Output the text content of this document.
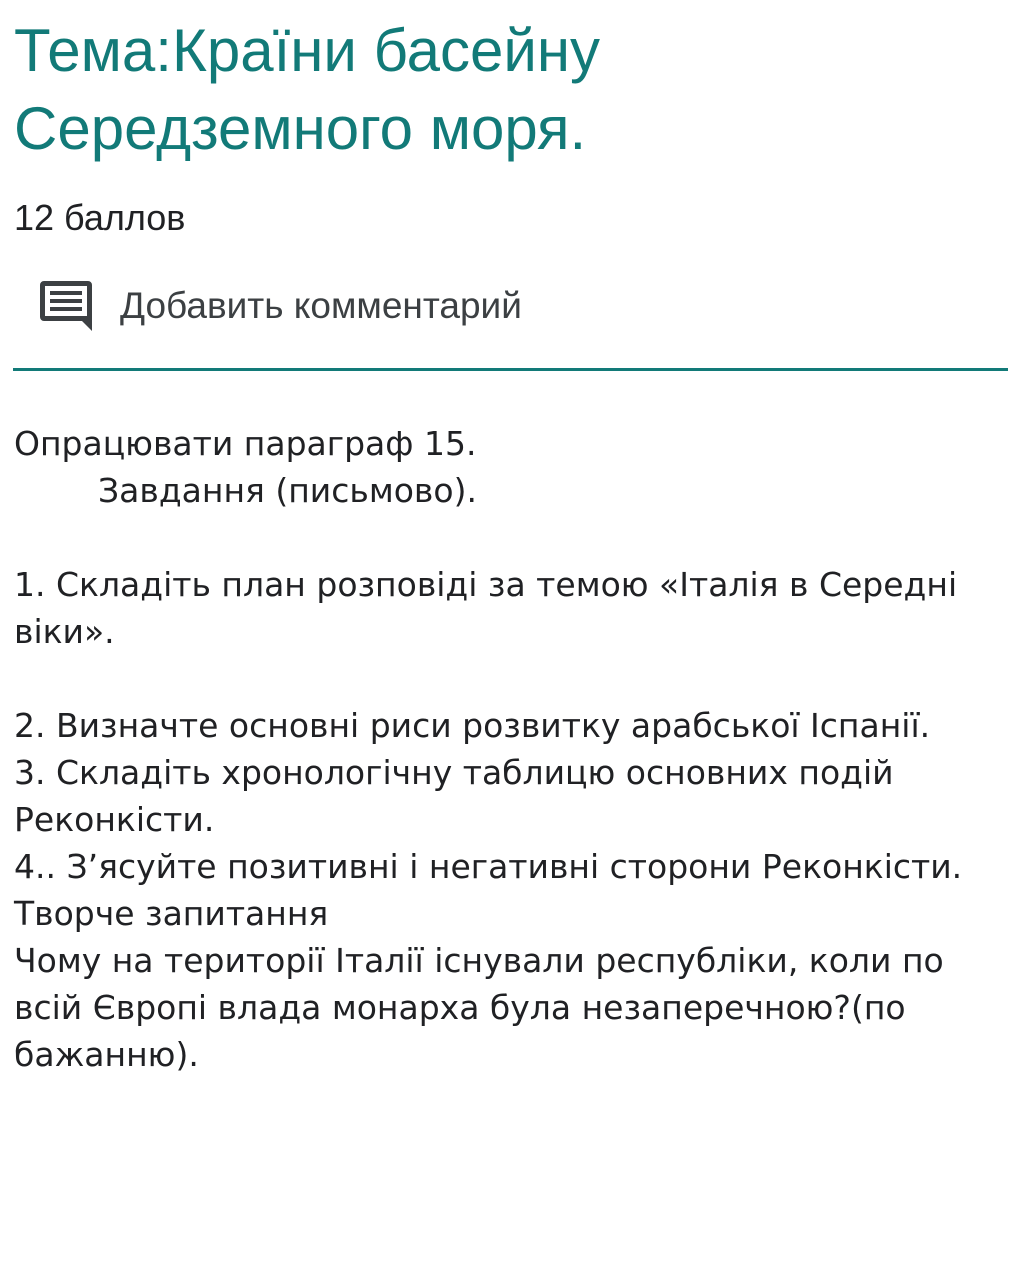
Тема:Країни басейну Середземного моря.
12 баллов
Добавить комментарий

Опрацювати параграф 15.

Завдання (письмово).

1. Складіть план розповіді за темою «Італія в Середні віки».

2. Визначте основні риси розвитку арабської Іспанії.

3. Складіть хронологічну таблицю основних подій Реконкісти.

4.. З’ясуйте позитивні і негативні сторони Реконкісти.

Творче запитання

Чому на території Італії існували республіки, коли по всій Європі влада монарха була незаперечною?(по бажанню).
